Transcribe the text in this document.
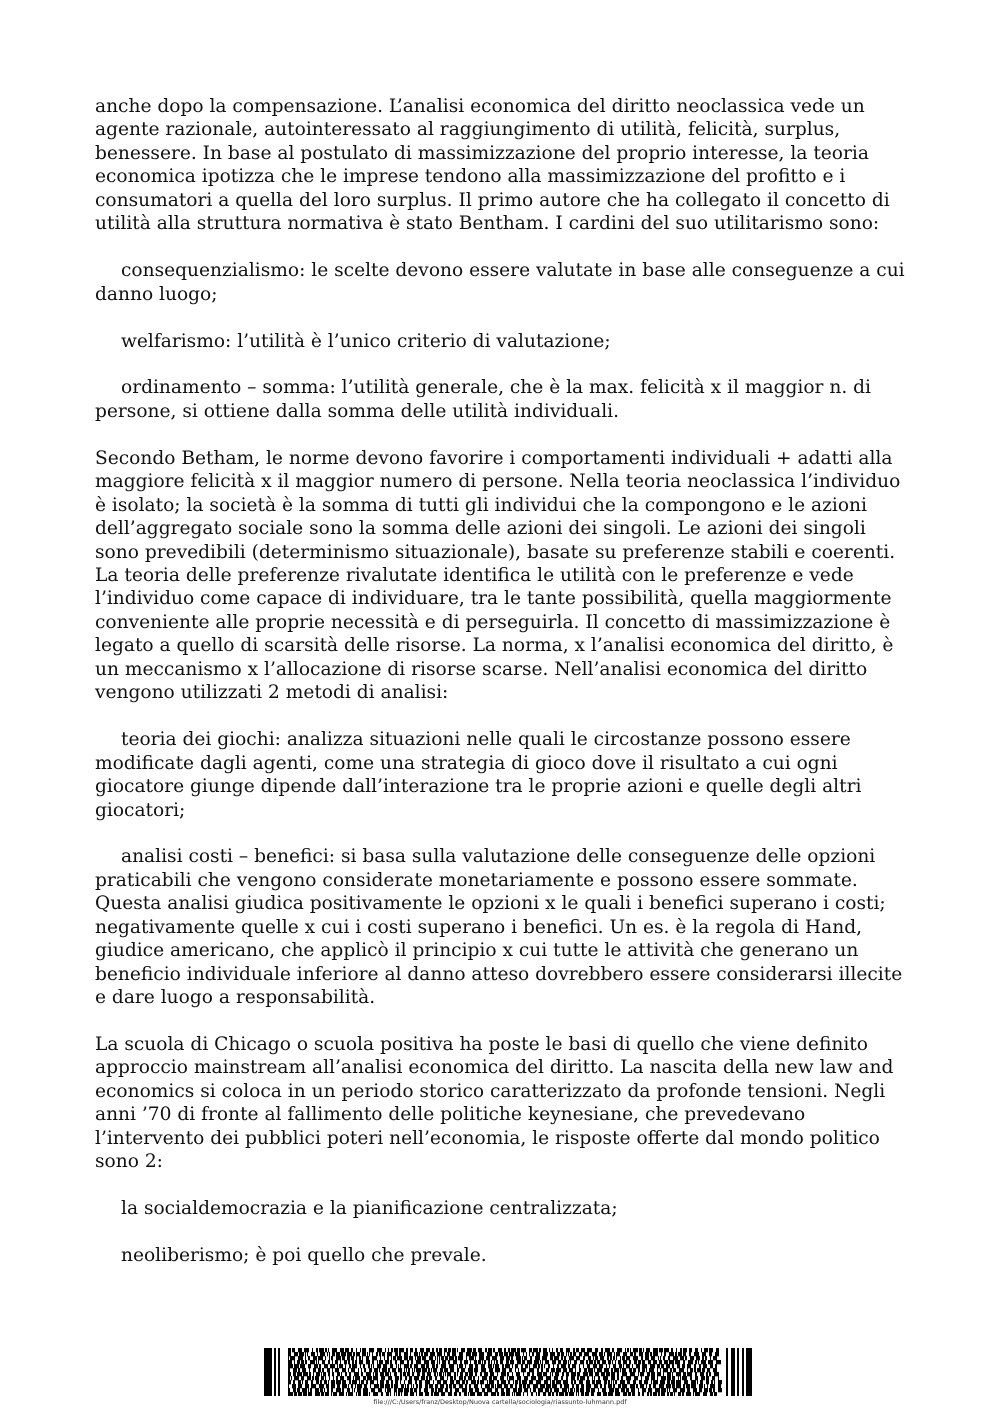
anche dopo la compensazione. L’analisi economica del diritto neoclassica vede un agente razionale, autointeressato al raggiungimento di utilità, felicità, surplus, benessere. In base al postulato di massimizzazione del proprio interesse, la teoria economica ipotizza che le imprese tendono alla massimizzazione del profitto e i consumatori a quella del loro surplus. Il primo autore che ha collegato il concetto di utilità alla struttura normativa è stato Bentham. I cardini del suo utilitarismo sono:

consequenzialismo: le scelte devono essere valutate in base alle conseguenze a cui danno luogo;

welfarismo: l’utilità è l’unico criterio di valutazione;

ordinamento – somma: l’utilità generale, che è la max. felicità x il maggior n. di persone, si ottiene dalla somma delle utilità individuali.

Secondo Betham, le norme devono favorire i comportamenti individuali + adatti alla maggiore felicità x il maggior numero di persone. Nella teoria neoclassica l’individuo è isolato; la società è la somma di tutti gli individui che la compongono e le azioni dell’aggregato sociale sono la somma delle azioni dei singoli. Le azioni dei singoli sono prevedibili (determinismo situazionale), basate su preferenze stabili e coerenti. La teoria delle preferenze rivalutate identifica le utilità con le preferenze e vede l’individuo come capace di individuare, tra le tante possibilità, quella maggiormente conveniente alle proprie necessità e di perseguirla. Il concetto di massimizzazione è legato a quello di scarsità delle risorse. La norma, x l’analisi economica del diritto, è un meccanismo x l’allocazione di risorse scarse. Nell’analisi economica del diritto vengono utilizzati 2 metodi di analisi:

teoria dei giochi: analizza situazioni nelle quali le circostanze possono essere modificate dagli agenti, come una strategia di gioco dove il risultato a cui ogni giocatore giunge dipende dall’interazione tra le proprie azioni e quelle degli altri giocatori;

analisi costi – benefici: si basa sulla valutazione delle conseguenze delle opzioni praticabili che vengono considerate monetariamente e possono essere sommate. Questa analisi giudica positivamente le opzioni x le quali i benefici superano i costi; negativamente quelle x cui i costi superano i benefici. Un es. è la regola di Hand, giudice americano, che applicò il principio x cui tutte le attività che generano un beneficio individuale inferiore al danno atteso dovrebbero essere considerarsi illecite e dare luogo a responsabilità.

La scuola di Chicago o scuola positiva ha poste le basi di quello che viene definito approccio mainstream all’analisi economica del diritto. La nascita della new law and economics si coloca in un periodo storico caratterizzato da profonde tensioni. Negli anni ’70 di fronte al fallimento delle politiche keynesiane, che prevedevano l’intervento dei pubblici poteri nell’economia, le risposte offerte dal mondo politico sono 2:

la socialdemocrazia e la pianificazione centralizzata;

neoliberismo; è poi quello che prevale.

file:///C:/Users/franz/Desktop/Nuova cartella/sociologia/riassunto-luhmann.pdf
